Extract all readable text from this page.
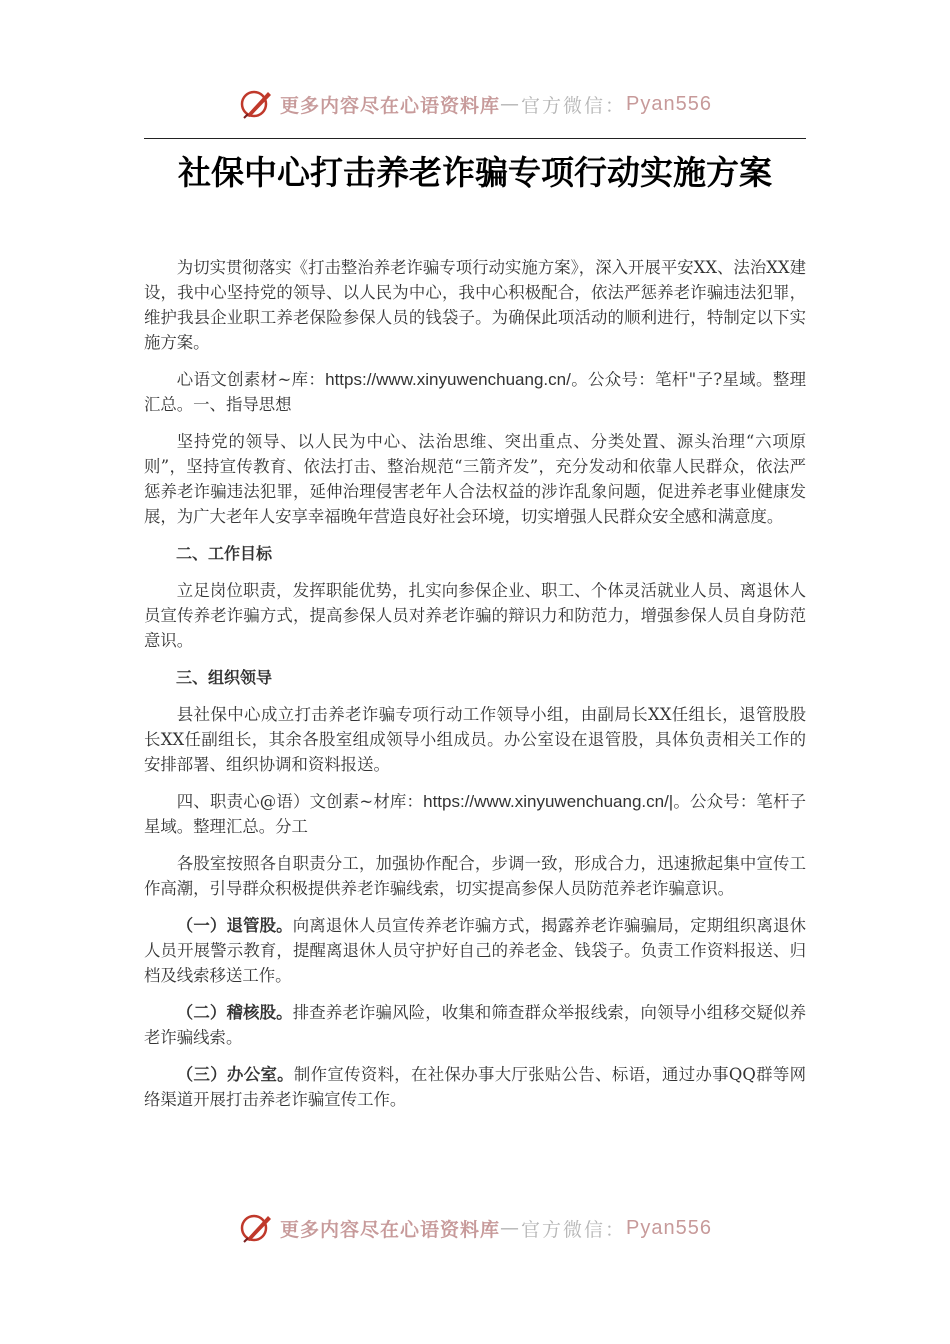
更多内容尽在心语资料库 — 官方微信： Pyan556
社保中心打击养老诈骗专项行动实施方案

为切实贯彻落实《打击整治养老诈骗专项行动实施方案》，深入开展平安XX、法治XX建设，我中心坚持党的领导、以人民为中心，我中心积极配合，依法严惩养老诈骗违法犯罪，维护我县企业职工养老保险参保人员的钱袋子。为确保此项活动的顺利进行，特制定以下实施方案。

心语文创素材~库：https://www.xinyuwenchuang.cn/。公众号：笔杆"子?星域。整理汇总。一、指导思想

坚持党的领导、以人民为中心、法治思维、突出重点、分类处置、源头治理“六项原则”，坚持宣传教育、依法打击、整治规范“三箭齐发”，充分发动和依靠人民群众，依法严惩养老诈骗违法犯罪，延伸治理侵害老年人合法权益的涉诈乱象问题，促进养老事业健康发展，为广大老年人安享幸福晚年营造良好社会环境，切实增强人民群众安全感和满意度。

二、工作目标

立足岗位职责，发挥职能优势，扎实向参保企业、职工、个体灵活就业人员、离退休人员宣传养老诈骗方式，提高参保人员对养老诈骗的辩识力和防范力，增强参保人员自身防范意识。

三、组织领导

县社保中心成立打击养老诈骗专项行动工作领导小组，由副局长XX任组长，退管股股长XX任副组长，其余各股室组成领导小组成员。办公室设在退管股，具体负责相关工作的安排部署、组织协调和资料报送。

四、职责心@语）文创素~材库：https://www.xinyuwenchuang.cn/|。公众号：笔杆子星域。整理汇总。分工

各股室按照各自职责分工，加强协作配合，步调一致，形成合力，迅速掀起集中宣传工作高潮，引导群众积极提供养老诈骗线索，切实提高参保人员防范养老诈骗意识。

（一）退管股。向离退休人员宣传养老诈骗方式，揭露养老诈骗骗局，定期组织离退休人员开展警示教育，提醒离退休人员守护好自己的养老金、钱袋子。负责工作资料报送、归档及线索移送工作。

（二）稽核股。排查养老诈骗风险，收集和筛查群众举报线索，向领导小组移交疑似养老诈骗线索。

（三）办公室。制作宣传资料，在社保办事大厅张贴公告、标语，通过办事QQ群等网络渠道开展打击养老诈骗宣传工作。

更多内容尽在心语资料库 — 官方微信： Pyan556
